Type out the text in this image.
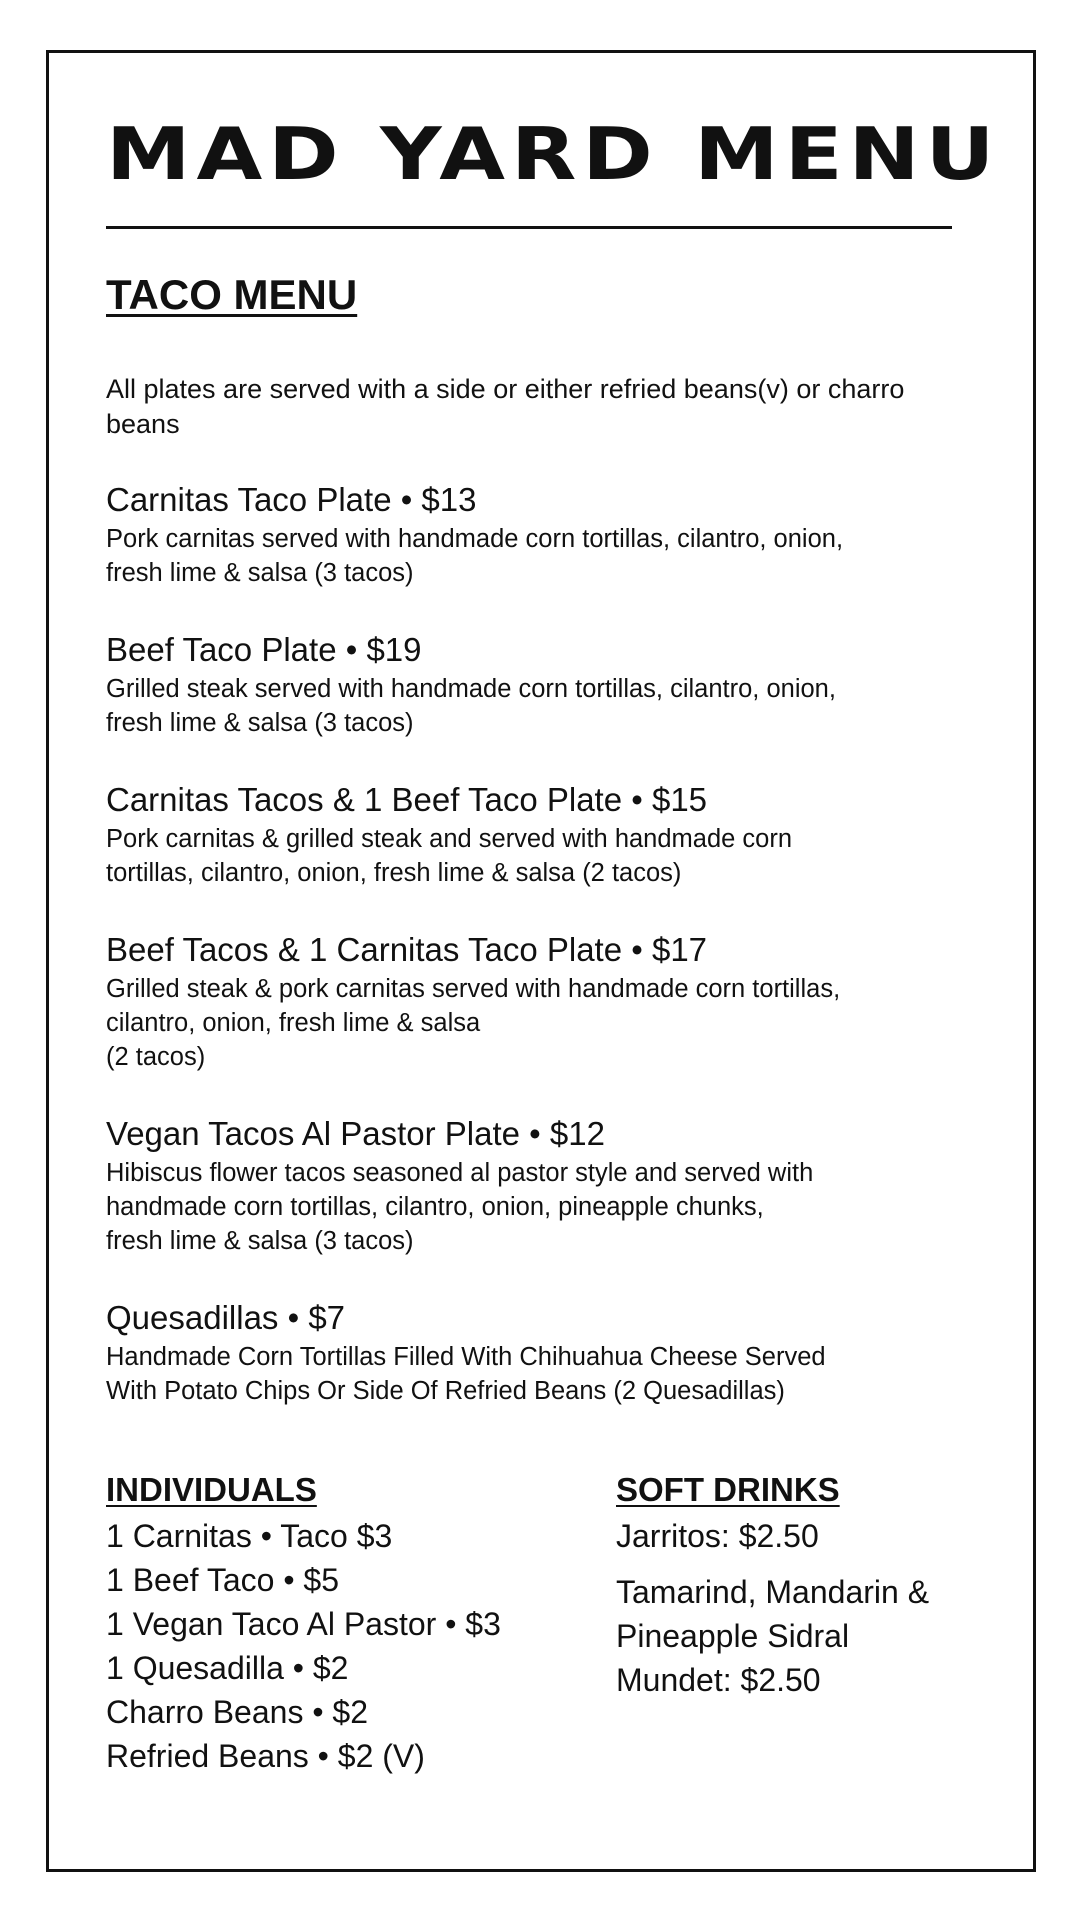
MAD YARD MENU
TACO MENU

All plates are served with a side or either refried beans(v) or charro beans

Carnitas Taco Plate • $13

Pork carnitas served with handmade corn tortillas, cilantro, onion,
fresh lime & salsa (3 tacos)

Beef Taco Plate • $19

Grilled steak served with handmade corn tortillas, cilantro, onion,
fresh lime & salsa (3 tacos)

Carnitas Tacos & 1 Beef Taco Plate • $15

Pork carnitas & grilled steak and served with handmade corn
tortillas, cilantro, onion, fresh lime & salsa (2 tacos)

Beef Tacos & 1 Carnitas Taco Plate • $17

Grilled steak & pork carnitas served with handmade corn tortillas,
cilantro, onion, fresh lime & salsa
(2 tacos)

Vegan Tacos Al Pastor Plate • $12

Hibiscus flower tacos seasoned al pastor style and served with
handmade corn tortillas, cilantro, onion, pineapple chunks,
fresh lime & salsa (3 tacos)

Quesadillas • $7

Handmade Corn Tortillas Filled With Chihuahua Cheese Served
With Potato Chips Or Side Of Refried Beans (2 Quesadillas)

INDIVIDUALS

1 Carnitas • Taco $3

1 Beef Taco • $5

1 Vegan Taco Al Pastor • $3

1 Quesadilla • $2

Charro Beans • $2

Refried Beans • $2 (V)

SOFT DRINKS

Jarritos: $2.50

Tamarind, Mandarin &
Pineapple Sidral
Mundet: $2.50
